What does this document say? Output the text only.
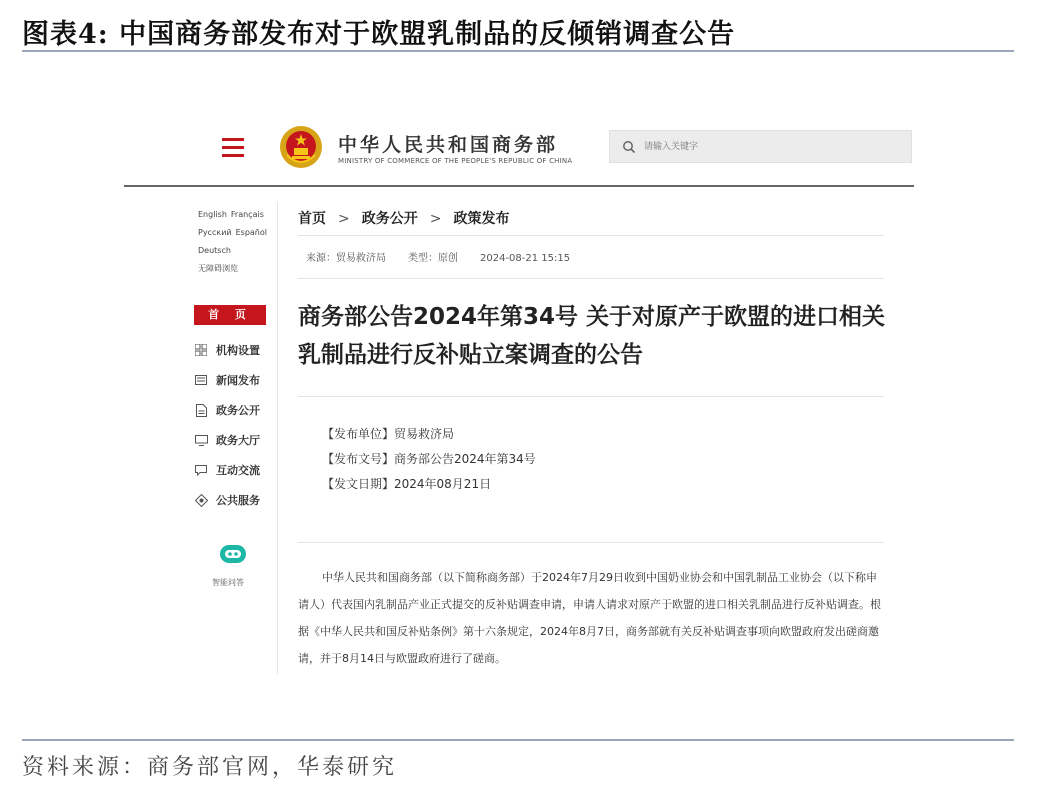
图表4: 中国商务部发布对于欧盟乳制品的反倾销调查公告
中华人民共和国商务部
MINISTRY OF COMMERCE OF THE PEOPLE'S REPUBLIC OF CHINA
请输入关键字
English Français
Русский Español
Deutsch
无障碍浏览
首 页
机构设置
新闻发布
政务公开
政务大厅
互动交流
公共服务
智能问答
首页 > 政务公开 > 政策发布
来源：贸易救济局 类型：原创 2024-08-21 15:15
商务部公告2024年第34号 关于对原产于欧盟的进口相关乳制品进行反补贴立案调查的公告
【发布单位】贸易救济局
【发布文号】商务部公告2024年第34号
【发文日期】2024年08月21日
中华人民共和国商务部（以下简称商务部）于2024年7月29日收到中国奶业协会和中国乳制品工业协会（以下称申请人）代表国内乳制品产业正式提交的反补贴调查申请，申请人请求对原产于欧盟的进口相关乳制品进行反补贴调查。根据《中华人民共和国反补贴条例》第十六条规定，2024年8月7日，商务部就有关反补贴调查事项向欧盟政府发出磋商邀请，并于8月14日与欧盟政府进行了磋商。
资料来源：商务部官网，华泰研究
